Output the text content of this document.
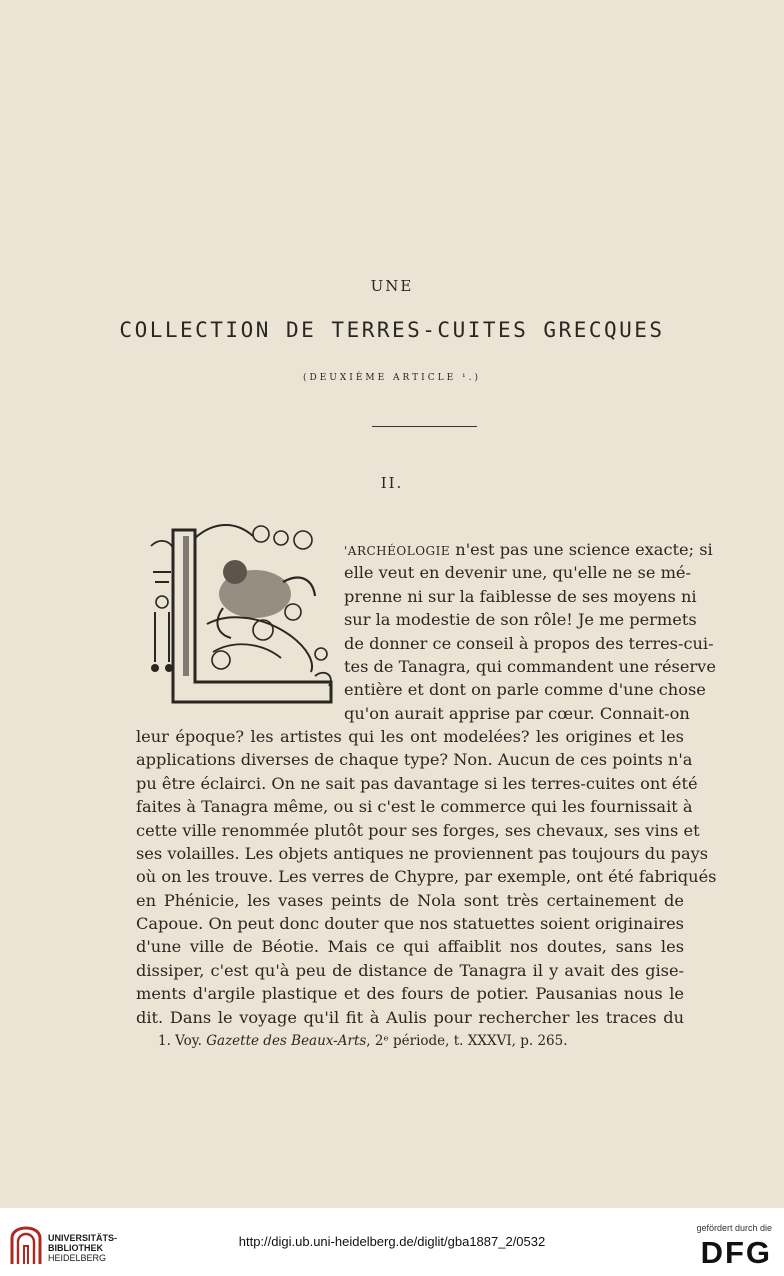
UNE
COLLECTION DE TERRES-CUITES GRECQUES
(DEUXIÈME ARTICLE ¹.)
II.
'ARCHÉOLOGIE n'est pas une science exacte; si
elle veut en devenir une, qu'elle ne se mé-
prenne ni sur la faiblesse de ses moyens ni
sur la modestie de son rôle! Je me permets
de donner ce conseil à propos des terres-cui-
tes de Tanagra, qui commandent une réserve
entière et dont on parle comme d'une chose
qu'on aurait apprise par cœur. Connait-on
leur époque? les artistes qui les ont modelées? les origines et les
applications diverses de chaque type? Non. Aucun de ces points n'a
pu être éclairci. On ne sait pas davantage si les terres-cuites ont été
faites à Tanagra même, ou si c'est le commerce qui les fournissait à
cette ville renommée plutôt pour ses forges, ses chevaux, ses vins et
ses volailles. Les objets antiques ne proviennent pas toujours du pays
où on les trouve. Les verres de Chypre, par exemple, ont été fabriqués
en Phénicie, les vases peints de Nola sont très certainement de
Capoue. On peut donc douter que nos statuettes soient originaires
d'une ville de Béotie. Mais ce qui affaiblit nos doutes, sans les
dissiper, c'est qu'à peu de distance de Tanagra il y avait des gise-
ments d'argile plastique et des fours de potier. Pausanias nous le
dit. Dans le voyage qu'il fit à Aulis pour rechercher les traces du
1. Voy. Gazette des Beaux-Arts, 2ᵉ période, t. XXXVI, p. 265.
UNIVERSITÄTS-
BIBLIOTHEK
HEIDELBERG
http://digi.ub.uni-heidelberg.de/diglit/gba1887_2/0532
gefördert durch die
DFG
